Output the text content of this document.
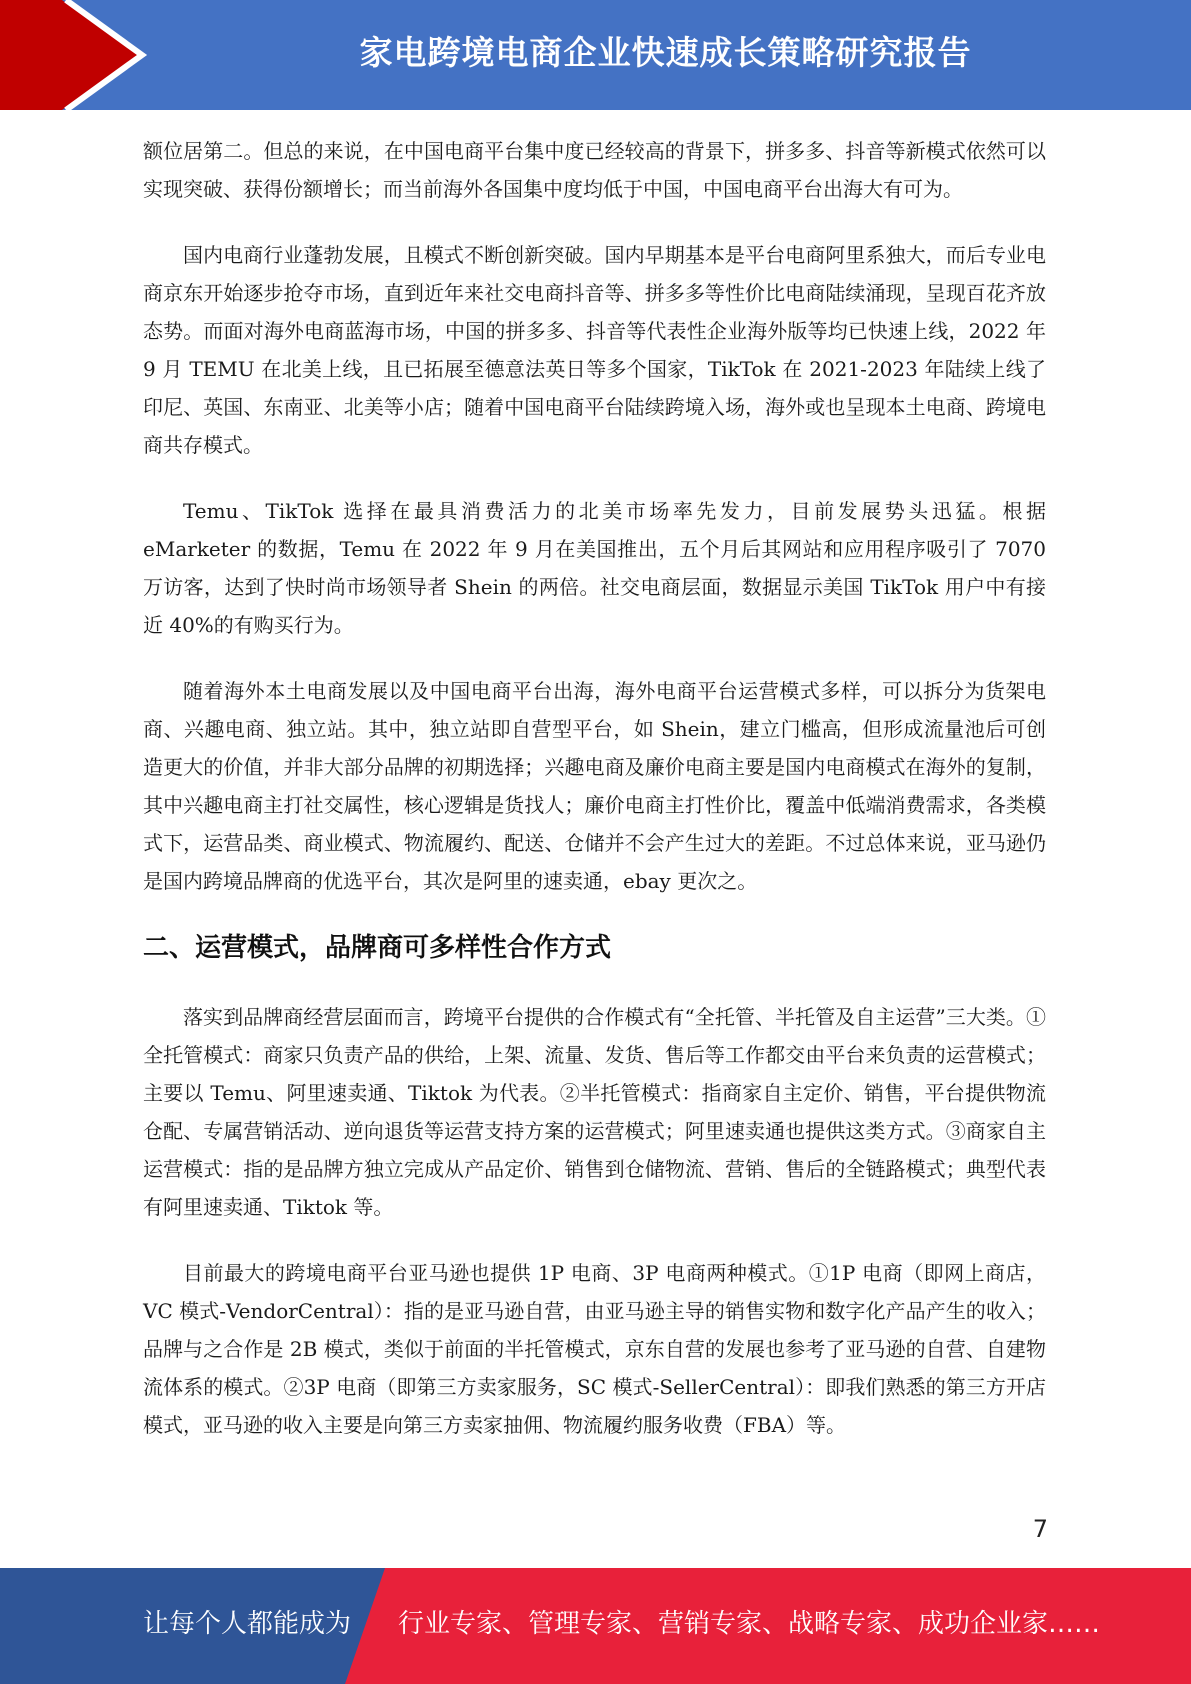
家电跨境电商企业快速成长策略研究报告

额位居第二。但总的来说，在中国电商平台集中度已经较高的背景下，拼多多、抖音等新模式依然可以实现突破、获得份额增长；而当前海外各国集中度均低于中国，中国电商平台出海大有可为。

国内电商行业蓬勃发展，且模式不断创新突破。国内早期基本是平台电商阿里系独大，而后专业电商京东开始逐步抢夺市场，直到近年来社交电商抖音等、拼多多等性价比电商陆续涌现，呈现百花齐放态势。而面对海外电商蓝海市场，中国的拼多多、抖音等代表性企业海外版等均已快速上线，2022 年 9 月 TEMU 在北美上线，且已拓展至德意法英日等多个国家，TikTok 在 2021-2023 年陆续上线了印尼、英国、东南亚、北美等小店；随着中国电商平台陆续跨境入场，海外或也呈现本土电商、跨境电商共存模式。

Temu、TikTok 选择在最具消费活力的北美市场率先发力，目前发展势头迅猛。根据 eMarketer 的数据，Temu 在 2022 年 9 月在美国推出，五个月后其网站和应用程序吸引了 7070 万访客，达到了快时尚市场领导者 Shein 的两倍。社交电商层面，数据显示美国 TikTok 用户中有接近 40%的有购买行为。

随着海外本土电商发展以及中国电商平台出海，海外电商平台运营模式多样，可以拆分为货架电商、兴趣电商、独立站。其中，独立站即自营型平台，如 Shein，建立门槛高，但形成流量池后可创造更大的价值，并非大部分品牌的初期选择；兴趣电商及廉价电商主要是国内电商模式在海外的复制，其中兴趣电商主打社交属性，核心逻辑是货找人；廉价电商主打性价比，覆盖中低端消费需求，各类模式下，运营品类、商业模式、物流履约、配送、仓储并不会产生过大的差距。不过总体来说，亚马逊仍是国内跨境品牌商的优选平台，其次是阿里的速卖通，ebay 更次之。

二、运营模式，品牌商可多样性合作方式

落实到品牌商经营层面而言，跨境平台提供的合作模式有“全托管、半托管及自主运营”三大类。①全托管模式：商家只负责产品的供给，上架、流量、发货、售后等工作都交由平台来负责的运营模式；主要以 Temu、阿里速卖通、Tiktok 为代表。②半托管模式：指商家自主定价、销售，平台提供物流仓配、专属营销活动、逆向退货等运营支持方案的运营模式；阿里速卖通也提供这类方式。③商家自主运营模式：指的是品牌方独立完成从产品定价、销售到仓储物流、营销、售后的全链路模式；典型代表有阿里速卖通、Tiktok 等。

目前最大的跨境电商平台亚马逊也提供 1P 电商、3P 电商两种模式。①1P 电商（即网上商店，VC 模式-VendorCentral）：指的是亚马逊自营，由亚马逊主导的销售实物和数字化产品产生的收入；品牌与之合作是 2B 模式，类似于前面的半托管模式，京东自营的发展也参考了亚马逊的自营、自建物流体系的模式。②3P 电商（即第三方卖家服务，SC 模式-SellerCentral）：即我们熟悉的第三方开店模式，亚马逊的收入主要是向第三方卖家抽佣、物流履约服务收费（FBA）等。

7
让每个人都能成为 行业专家、管理专家、营销专家、战略专家、成功企业家……
